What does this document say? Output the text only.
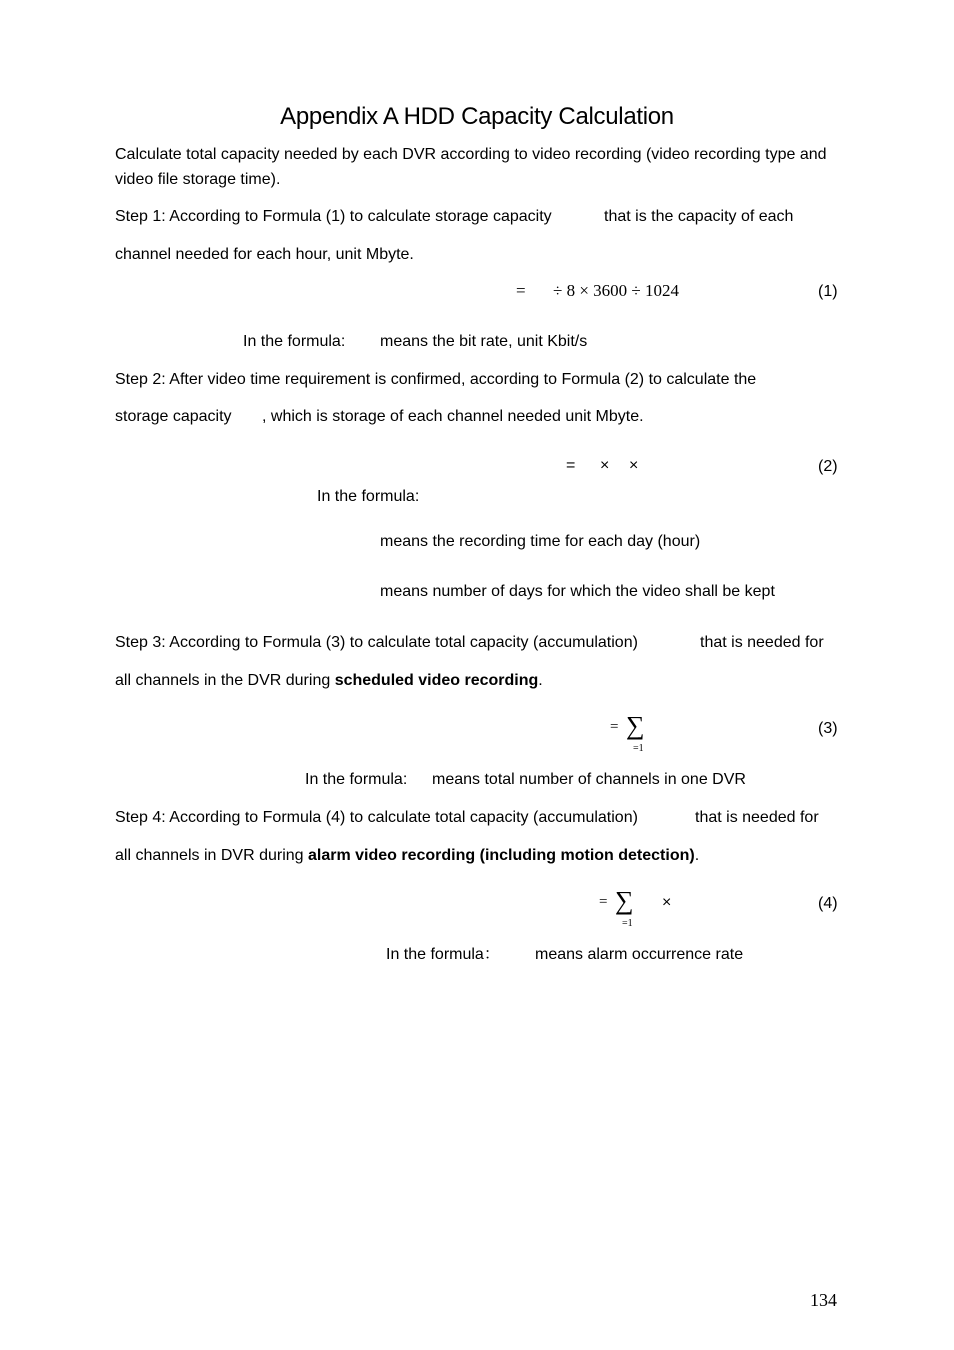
Appendix A HDD Capacity Calculation

Calculate total capacity needed by each DVR according to video recording (video recording type and video file storage time).

Step 1: According to Formula (1) to calculate storage capacity	that is the capacity of each
channel needed for each hour, unit Mbyte.
= ÷ 8 × 3600 ÷ 1024	(1)
In the formula: means the bit rate, unit Kbit/s
Step 2: After video time requirement is confirmed, according to Formula (2) to calculate the
storage capacity , which is storage of each channel needed unit Mbyte.
= × ×	(2)
In the formula:
means the recording time for each day (hour)
means number of days for which the video shall be kept
Step 3: According to Formula (3) to calculate total capacity (accumulation)	that is needed for
all channels in the DVR during scheduled video recording.
= ∑
=1
(3)
In the formula: means total number of channels in one DVR
Step 4: According to Formula (4) to calculate total capacity (accumulation)	that is needed for
all channels in DVR during alarm video recording (including motion detection).
= ∑
=1
×	(4)
In the formula： means alarm occurrence rate
134
